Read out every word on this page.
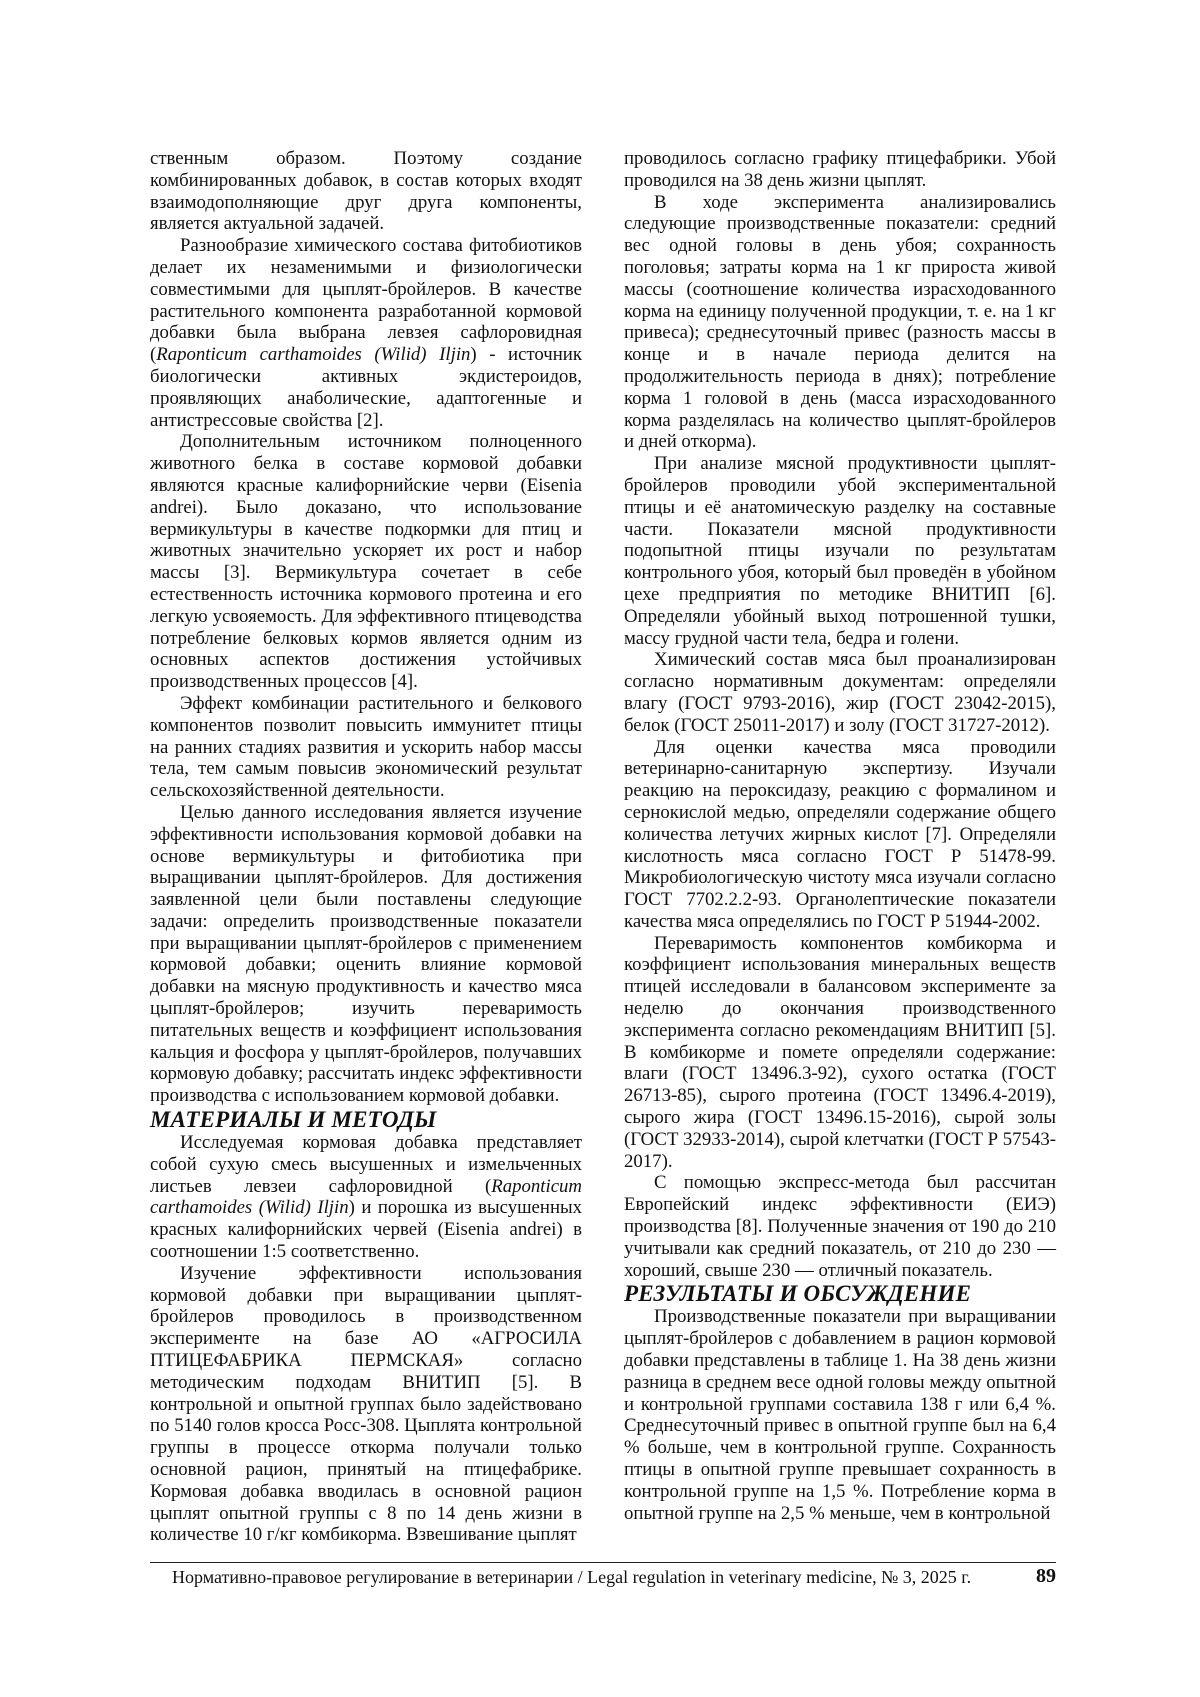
ственным образом. Поэтому создание комбинированных добавок, в состав которых входят взаимодополняющие друг друга компоненты, является актуальной задачей.

Разнообразие химического состава фитобиотиков делает их незаменимыми и физиологически совместимыми для цыплят-бройлеров. В качестве растительного компонента разработанной кормовой добавки была выбрана левзея сафлоровидная (Raponticum carthamoides (Wilid) Iljin) - источник биологически активных экдистероидов, проявляющих анаболические, адаптогенные и антистрессовые свойства [2].

Дополнительным источником полноценного животного белка в составе кормовой добавки являются красные калифорнийские черви (Eisenia andrei). Было доказано, что использование вермикультуры в качестве подкормки для птиц и животных значительно ускоряет их рост и набор массы [3]. Вермикультура сочетает в себе естественность источника кормового протеина и его легкую усвояемость. Для эффективного птицеводства потребление белковых кормов является одним из основных аспектов достижения устойчивых производственных процессов [4].

Эффект комбинации растительного и белкового компонентов позволит повысить иммунитет птицы на ранних стадиях развития и ускорить набор массы тела, тем самым повысив экономический результат сельскохозяйственной деятельности.

Целью данного исследования является изучение эффективности использования кормовой добавки на основе вермикультуры и фитобиотика при выращивании цыплят-бройлеров. Для достижения заявленной цели были поставлены следующие задачи: определить производственные показатели при выращивании цыплят-бройлеров с применением кормовой добавки; оценить влияние кормовой добавки на мясную продуктивность и качество мяса цыплят-бройлеров; изучить переваримость питательных веществ и коэффициент использования кальция и фосфора у цыплят-бройлеров, получавших кормовую добавку; рассчитать индекс эффективности производства с использованием кормовой добавки.

МАТЕРИАЛЫ И МЕТОДЫ

Исследуемая кормовая добавка представляет собой сухую смесь высушенных и измельченных листьев левзеи сафлоровидной (Raponticum carthamoides (Wilid) Iljin) и порошка из высушенных красных калифорнийских червей (Eisenia andrei) в соотношении 1:5 соответственно.

Изучение эффективности использования кормовой добавки при выращивании цыплят-бройлеров проводилось в производственном эксперименте на базе АО «АГРОСИЛА ПТИЦЕФАБРИКА ПЕРМСКАЯ» согласно методическим подходам ВНИТИП [5]. В контрольной и опытной группах было задействовано по 5140 голов кросса Росс-308. Цыплята контрольной группы в процессе откорма получали только основной рацион, принятый на птицефабрике. Кормовая добавка вводилась в основной рацион цыплят опытной группы с 8 по 14 день жизни в количестве 10 г/кг комбикорма. Взвешивание цыплят

проводилось согласно графику птицефабрики. Убой проводился на 38 день жизни цыплят.

В ходе эксперимента анализировались следующие производственные показатели: средний вес одной головы в день убоя; сохранность поголовья; затраты корма на 1 кг прироста живой массы (соотношение количества израсходованного корма на единицу полученной продукции, т. е. на 1 кг привеса); среднесуточный привес (разность массы в конце и в начале периода делится на продолжительность периода в днях); потребление корма 1 головой в день (масса израсходованного корма разделялась на количество цыплят-бройлеров и дней откорма).

При анализе мясной продуктивности цыплят-бройлеров проводили убой экспериментальной птицы и её анатомическую разделку на составные части. Показатели мясной продуктивности подопытной птицы изучали по результатам контрольного убоя, который был проведён в убойном цехе предприятия по методике ВНИТИП [6]. Определяли убойный выход потрошенной тушки, массу грудной части тела, бедра и голени.

Химический состав мяса был проанализирован согласно нормативным документам: определяли влагу (ГОСТ 9793-2016), жир (ГОСТ 23042-2015), белок (ГОСТ 25011-2017) и золу (ГОСТ 31727-2012).

Для оценки качества мяса проводили ветеринарно-санитарную экспертизу. Изучали реакцию на пероксидазу, реакцию с формалином и сернокислой медью, определяли содержание общего количества летучих жирных кислот [7]. Определяли кислотность мяса согласно ГОСТ Р 51478-99. Микробиологическую чистоту мяса изучали согласно ГОСТ 7702.2.2-93. Органолептические показатели качества мяса определялись по ГОСТ Р 51944-2002.

Переваримость компонентов комбикорма и коэффициент использования минеральных веществ птицей исследовали в балансовом эксперименте за неделю до окончания производственного эксперимента согласно рекомендациям ВНИТИП [5]. В комбикорме и помете определяли содержание: влаги (ГОСТ 13496.3-92), сухого остатка (ГОСТ 26713-85), сырого протеина (ГОСТ 13496.4-2019), сырого жира (ГОСТ 13496.15-2016), сырой золы (ГОСТ 32933-2014), сырой клетчатки (ГОСТ Р 57543-2017).

С помощью экспресс-метода был рассчитан Европейский индекс эффективности (ЕИЭ) производства [8]. Полученные значения от 190 до 210 учитывали как средний показатель, от 210 до 230 — хороший, свыше 230 — отличный показатель.

РЕЗУЛЬТАТЫ И ОБСУЖДЕНИЕ

Производственные показатели при выращивании цыплят-бройлеров с добавлением в рацион кормовой добавки представлены в таблице 1. На 38 день жизни разница в среднем весе одной головы между опытной и контрольной группами составила 138 г или 6,4 %. Среднесуточный привес в опытной группе был на 6,4 % больше, чем в контрольной группе. Сохранность птицы в опытной группе превышает сохранность в контрольной группе на 1,5 %. Потребление корма в опытной группе на 2,5 % меньше, чем в контрольной

Нормативно-правовое регулирование в ветеринарии / Legal regulation in veterinary medicine, № 3, 2025 г.	89
